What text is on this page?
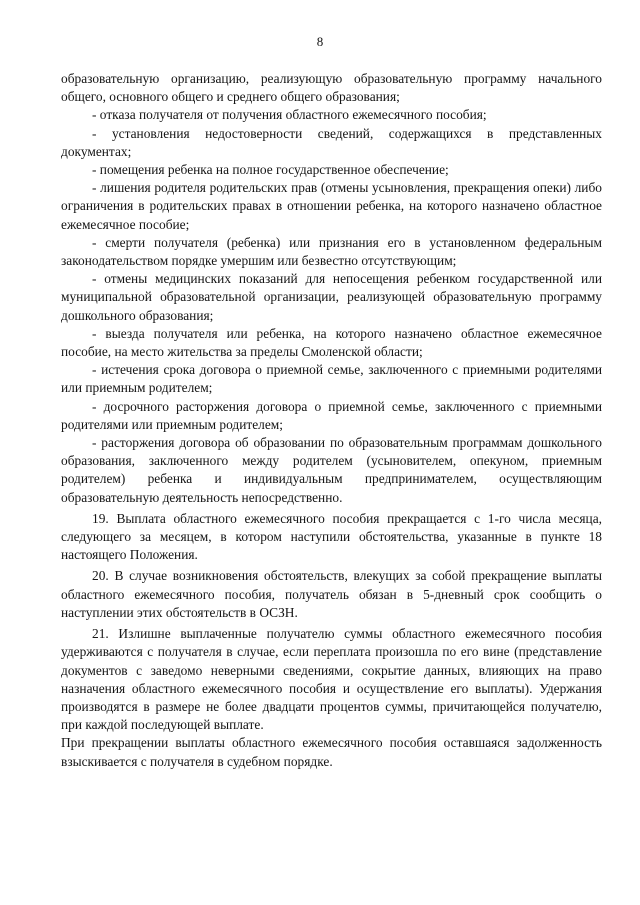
8

образовательную организацию, реализующую образовательную программу начального общего, основного общего и среднего общего образования;

- отказа получателя от получения областного ежемесячного пособия;

- установления недостоверности сведений, содержащихся в представленных документах;

- помещения ребенка на полное государственное обеспечение;

- лишения родителя родительских прав (отмены усыновления, прекращения опеки) либо ограничения в родительских правах в отношении ребенка, на которого назначено областное ежемесячное пособие;

- смерти получателя (ребенка) или признания его в установленном федеральным законодательством порядке умершим или безвестно отсутствующим;

- отмены медицинских показаний для непосещения ребенком государственной или муниципальной образовательной организации, реализующей образовательную программу дошкольного образования;

- выезда получателя или ребенка, на которого назначено областное ежемесячное пособие, на место жительства за пределы Смоленской области;

- истечения срока договора о приемной семье, заключенного с приемными родителями или приемным родителем;

- досрочного расторжения договора о приемной семье, заключенного с приемными родителями или приемным родителем;

- расторжения договора об образовании по образовательным программам дошкольного образования, заключенного между родителем (усыновителем, опекуном, приемным родителем) ребенка и индивидуальным предпринимателем, осуществляющим образовательную деятельность непосредственно.

19. Выплата областного ежемесячного пособия прекращается с 1-го числа месяца, следующего за месяцем, в котором наступили обстоятельства, указанные в пункте 18 настоящего Положения.

20. В случае возникновения обстоятельств, влекущих за собой прекращение выплаты областного ежемесячного пособия, получатель обязан в 5-дневный срок сообщить о наступлении этих обстоятельств в ОСЗН.

21. Излишне выплаченные получателю суммы областного ежемесячного пособия удерживаются с получателя в случае, если переплата произошла по его вине (представление документов с заведомо неверными сведениями, сокрытие данных, влияющих на право назначения областного ежемесячного пособия и осуществление его выплаты). Удержания производятся в размере не более двадцати процентов суммы, причитающейся получателю, при каждой последующей выплате.

При прекращении выплаты областного ежемесячного пособия оставшаяся задолженность взыскивается с получателя в судебном порядке.
